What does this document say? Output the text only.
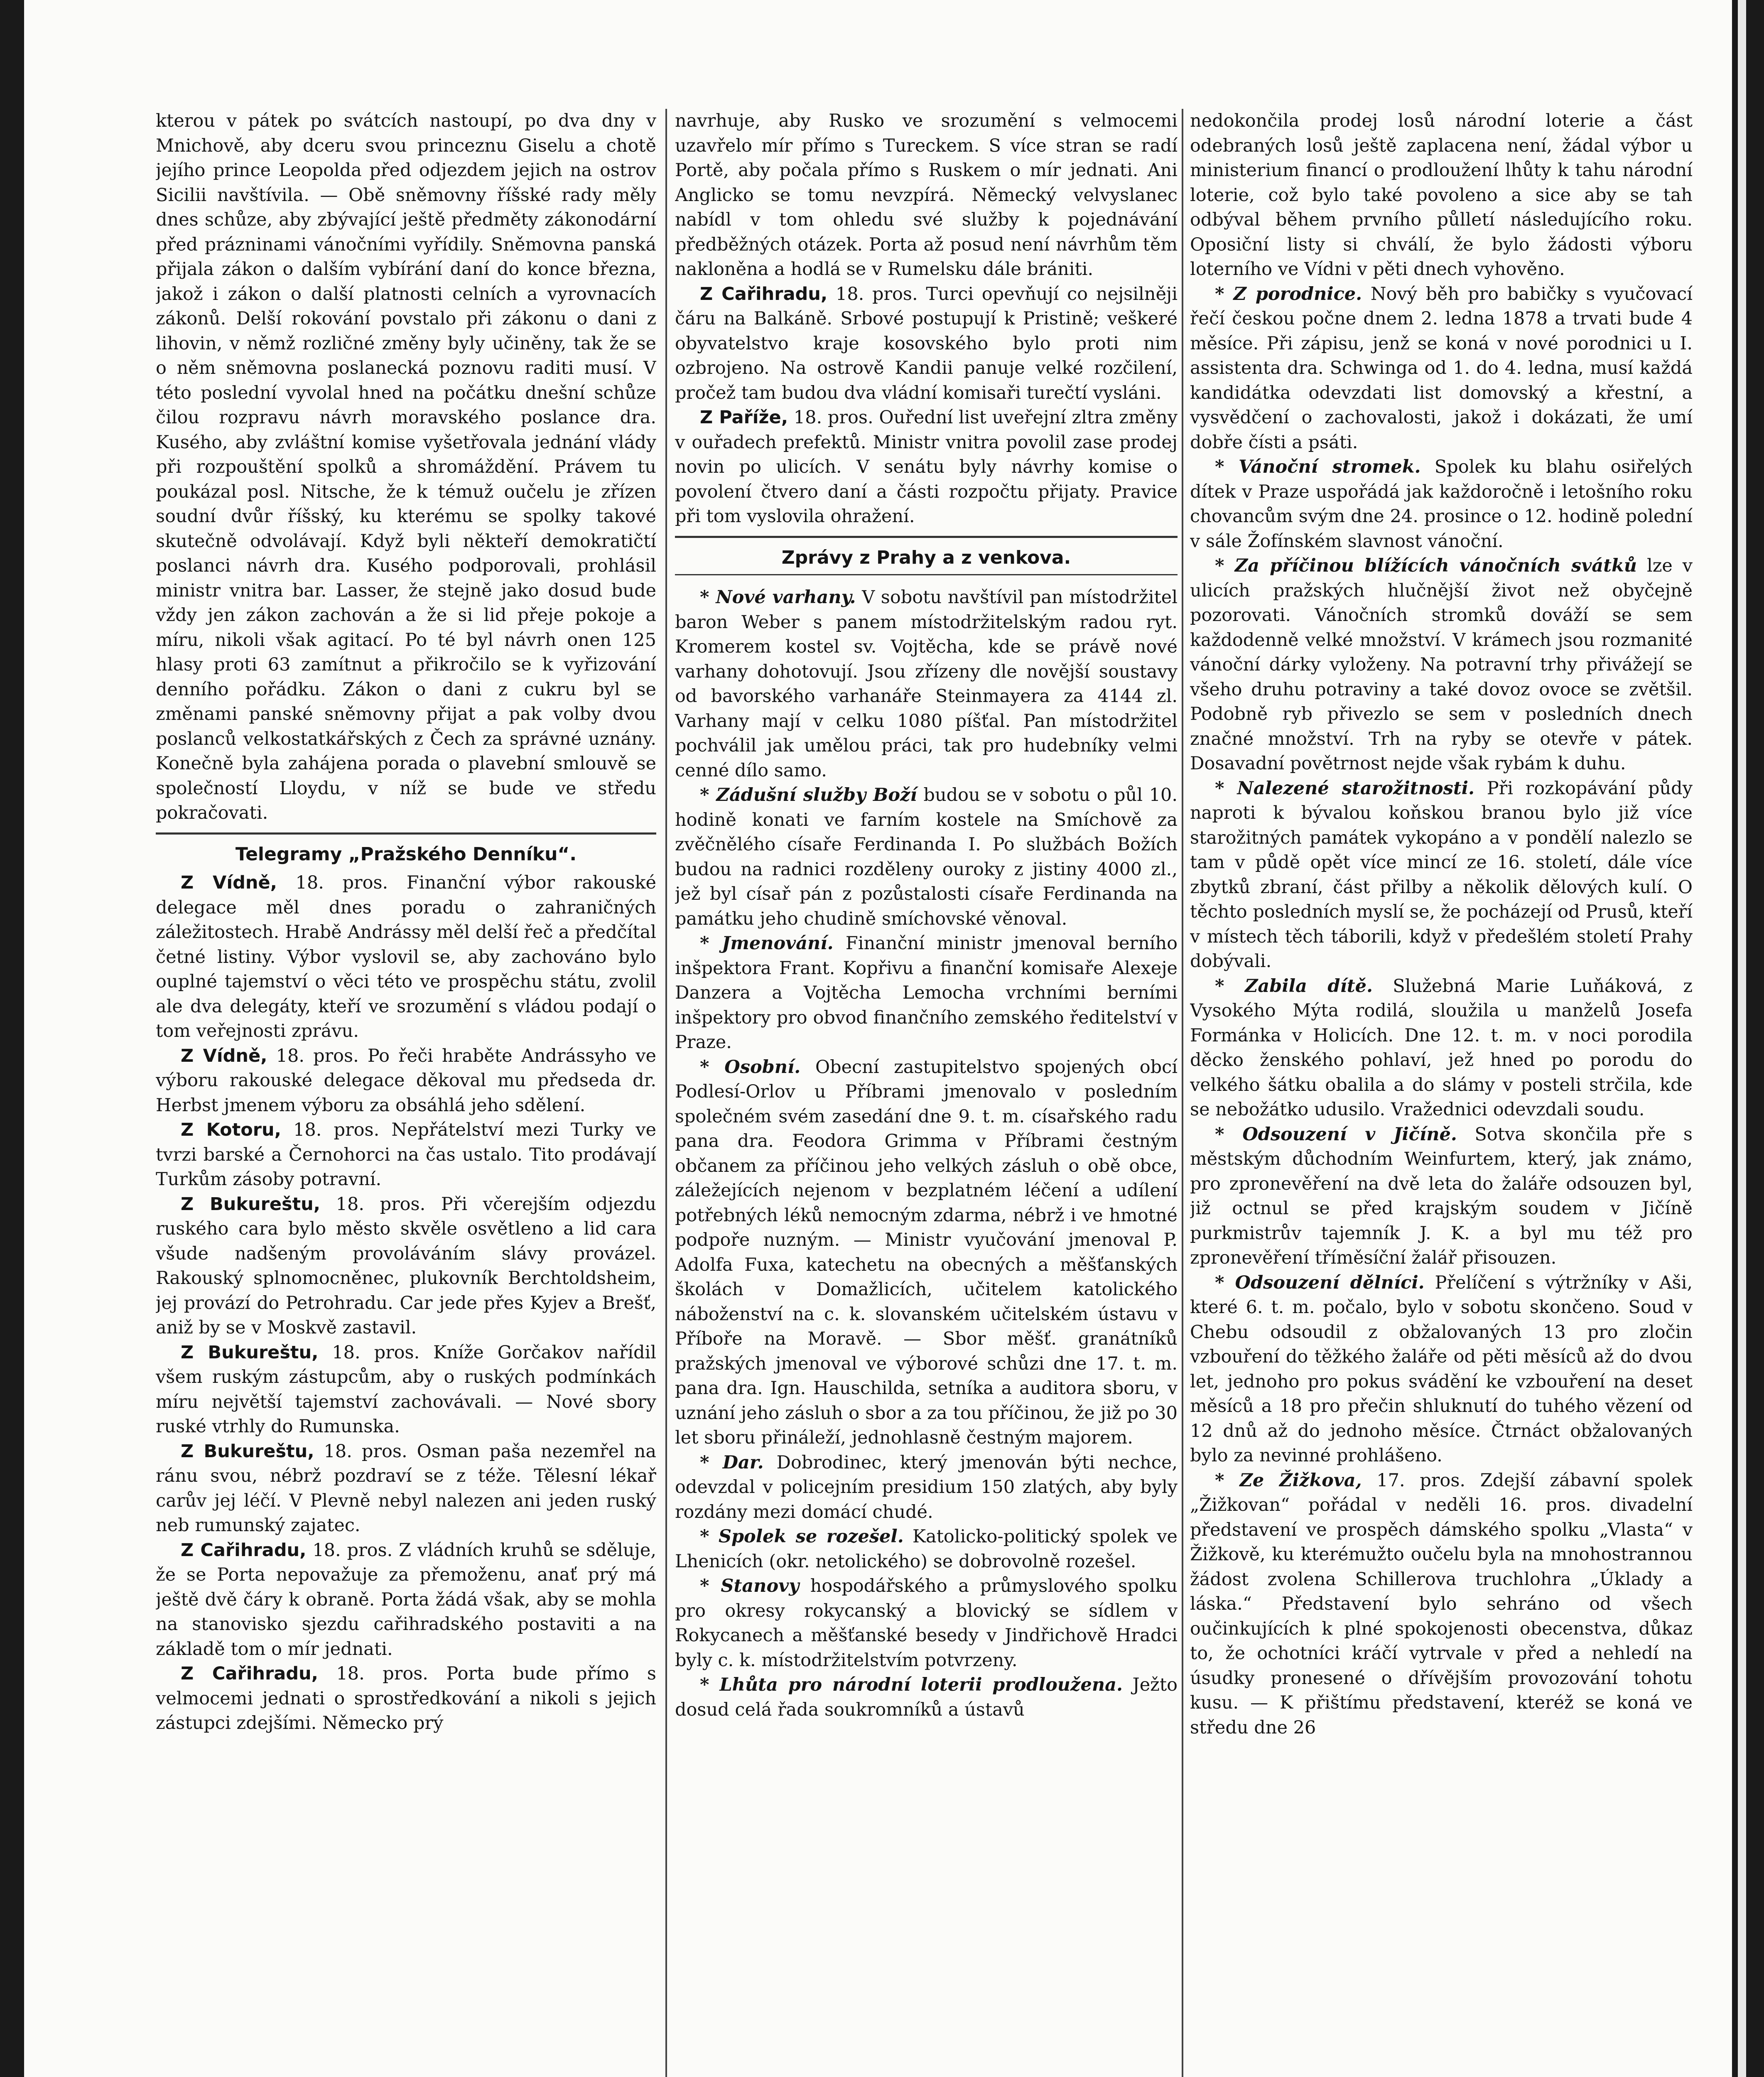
kterou v pátek po svátcích nastoupí, po dva dny v Mnichově, aby dceru svou princeznu Giselu a chotě jejího prince Leopolda před odjezdem jejich na ostrov Sicilii navštívila. — Obě sněmovny říšské rady měly dnes schůze, aby zbývající ještě předměty zákonodární před prázninami vánočními vyřídily. Sněmovna panská přijala zákon o dalším vybírání daní do konce března, jakož i zákon o další platnosti celních a vyrovnacích zákonů. Delší rokování povstalo při zákonu o dani z lihovin, v němž rozličné změny byly učiněny, tak že se o něm sněmovna poslanecká poznovu raditi musí. V této poslední vyvolal hned na počátku dnešní schůze čilou rozpravu návrh moravského poslance dra. Kusého, aby zvláštní komise vyšetřovala jednání vlády při rozpouštění spolků a shromáždění. Právem tu poukázal posl. Nitsche, že k témuž oučelu je zřízen soudní dvůr říšský, ku kterému se spolky takové skutečně odvolávají. Když byli někteří demokratičtí poslanci návrh dra. Kusého podporovali, prohlásil ministr vnitra bar. Lasser, že stejně jako dosud bude vždy jen zákon zachován a že si lid přeje pokoje a míru, nikoli však agitací. Po té byl návrh onen 125 hlasy proti 63 zamítnut a přikročilo se k vyřizování denního pořádku. Zákon o dani z cukru byl se změnami panské sněmovny přijat a pak volby dvou poslanců velkostatkářských z Čech za správné uznány. Konečně byla zahájena porada o plavební smlouvě se společností Lloydu, v níž se bude ve středu pokračovati.

Telegramy „Pražského Denníku“.

Z Vídně, 18. pros. Finanční výbor rakouské delegace měl dnes poradu o zahraničných záležitostech. Hrabě Andrássy měl delší řeč a předčítal četné listiny. Výbor vyslovil se, aby zachováno bylo ouplné tajemství o věci této ve prospěchu státu, zvolil ale dva delegáty, kteří ve srozumění s vládou podají o tom veřejnosti zprávu.

Z Vídně, 18. pros. Po řeči hraběte Andrássyho ve výboru rakouské delegace děkoval mu předseda dr. Herbst jmenem výboru za obsáhlá jeho sdělení.

Z Kotoru, 18. pros. Nepřátelství mezi Turky ve tvrzi barské a Černohorci na čas ustalo. Tito prodávají Turkům zásoby potravní.

Z Bukureštu, 18. pros. Při včerejším odjezdu ruského cara bylo město skvěle osvětleno a lid cara všude nadšeným provoláváním slávy provázel. Rakouský splnomocněnec, plukovník Berchtoldsheim, jej provází do Petrohradu. Car jede přes Kyjev a Brešť, aniž by se v Moskvě zastavil.

Z Bukureštu, 18. pros. Kníže Gorčakov nařídil všem ruským zástupcům, aby o ruských podmínkách míru největší tajemství zachovávali. — Nové sbory ruské vtrhly do Rumunska.

Z Bukureštu, 18. pros. Osman paša nezemřel na ránu svou, nébrž pozdraví se z téže. Tělesní lékař carův jej léčí. V Plevně nebyl nalezen ani jeden ruský neb rumunský zajatec.

Z Cařihradu, 18. pros. Z vládních kruhů se sděluje, že se Porta nepovažuje za přemoženu, anať prý má ještě dvě čáry k obraně. Porta žádá však, aby se mohla na stanovisko sjezdu cařihradského postaviti a na základě tom o mír jednati.

Z Cařihradu, 18. pros. Porta bude přímo s velmocemi jednati o sprostředkování a nikoli s jejich zástupci zdejšími. Německo prý

navrhuje, aby Rusko ve srozumění s velmocemi uzavřelo mír přímo s Tureckem. S více stran se radí Portě, aby počala přímo s Ruskem o mír jednati. Ani Anglicko se tomu nevzpírá. Německý velvyslanec nabídl v tom ohledu své služby k pojednávání předběžných otázek. Porta až posud není návrhům těm nakloněna a hodlá se v Rumelsku dále brániti.

Z Cařihradu, 18. pros. Turci opevňují co nejsilněji čáru na Balkáně. Srbové postupují k Pristině; veškeré obyvatelstvo kraje kosovského bylo proti nim ozbrojeno. Na ostrově Kandii panuje velké rozčilení, pročež tam budou dva vládní komisaři turečtí vysláni.

Z Paříže, 18. pros. Ouřední list uveřejní zltra změny v ouřadech prefektů. Ministr vnitra povolil zase prodej novin po ulicích. V senátu byly návrhy komise o povolení čtvero daní a části rozpočtu přijaty. Pravice při tom vyslovila ohražení.

Zprávy z Prahy a z venkova.

* Nové varhany. V sobotu navštívil pan místodržitel baron Weber s panem místodržitelským radou ryt. Kromerem kostel sv. Vojtěcha, kde se právě nové varhany dohotovují. Jsou zřízeny dle novější soustavy od bavorského varhanáře Steinmayera za 4144 zl. Varhany mají v celku 1080 píšťal. Pan místodržitel pochválil jak umělou práci, tak pro hudebníky velmi cenné dílo samo.

* Zádušní služby Boží budou se v sobotu o půl 10. hodině konati ve farním kostele na Smíchově za zvěčnělého císaře Ferdinanda I. Po službách Božích budou na radnici rozděleny ouroky z jistiny 4000 zl., jež byl císař pán z pozůstalosti císaře Ferdinanda na památku jeho chudině smíchovské věnoval.

* Jmenování. Finanční ministr jmenoval berního inšpektora Frant. Kopřivu a finanční komisaře Alexeje Danzera a Vojtěcha Lemocha vrchními berními inšpektory pro obvod finančního zemského ředitelství v Praze.

* Osobní. Obecní zastupitelstvo spojených obcí Podlesí-Orlov u Příbrami jmenovalo v posledním společném svém zasedání dne 9. t. m. císařského radu pana dra. Feodora Grimma v Příbrami čestným občanem za příčinou jeho velkých zásluh o obě obce, záležejících nejenom v bezplatném léčení a udílení potřebných léků nemocným zdarma, nébrž i ve hmotné podpoře nuzným. — Ministr vyučování jmenoval P. Adolfa Fuxa, katechetu na obecných a měšťanských školách v Domažlicích, učitelem katolického náboženství na c. k. slovanském učitelském ústavu v Příboře na Moravě. — Sbor měšť. granátníků pražských jmenoval ve výborové schůzi dne 17. t. m. pana dra. Ign. Hauschilda, setníka a auditora sboru, v uznání jeho zásluh o sbor a za tou příčinou, že již po 30 let sboru přináleží, jednohlasně čestným majorem.

* Dar. Dobrodinec, který jmenován býti nechce, odevzdal v policejním presidium 150 zlatých, aby byly rozdány mezi domácí chudé.

* Spolek se rozešel. Katolicko-politický spolek ve Lhenicích (okr. netolického) se dobrovolně rozešel.

* Stanovy hospodářského a průmyslového spolku pro okresy rokycanský a blovický se sídlem v Rokycanech a měšťanské besedy v Jindřichově Hradci byly c. k. místodržitelstvím potvrzeny.

* Lhůta pro národní loterii prodloužena. Ježto dosud celá řada soukromníků a ústavů

nedokončila prodej losů národní loterie a část odebraných losů ještě zaplacena není, žádal výbor u ministerium financí o prodloužení lhůty k tahu národní loterie, což bylo také povoleno a sice aby se tah odbýval během prvního půlletí následujícího roku. Oposiční listy si chválí, že bylo žádosti výboru loterního ve Vídni v pěti dnech vyhověno.

* Z porodnice. Nový běh pro babičky s vyučovací řečí českou počne dnem 2. ledna 1878 a trvati bude 4 měsíce. Při zápisu, jenž se koná v nové porodnici u I. assistenta dra. Schwinga od 1. do 4. ledna, musí každá kandidátka odevzdati list domovský a křestní, a vysvědčení o zachovalosti, jakož i dokázati, že umí dobře čísti a psáti.

* Vánoční stromek. Spolek ku blahu osiřelých dítek v Praze uspořádá jak každoročně i letošního roku chovancům svým dne 24. prosince o 12. hodině polední v sále Žofínském slavnost vánoční.

* Za příčinou blížících vánočních svátků lze v ulicích pražských hlučnější život než obyčejně pozorovati. Vánočních stromků dováží se sem každodenně velké množství. V krámech jsou rozmanité vánoční dárky vyloženy. Na potravní trhy přivážejí se všeho druhu potraviny a také dovoz ovoce se zvětšil. Podobně ryb přivezlo se sem v posledních dnech značné množství. Trh na ryby se otevře v pátek. Dosavadní povětrnost nejde však rybám k duhu.

* Nalezené starožitnosti. Při rozkopávání půdy naproti k bývalou koňskou branou bylo již více starožitných památek vykopáno a v pondělí nalezlo se tam v půdě opět více mincí ze 16. století, dále více zbytků zbraní, část přilby a několik dělových kulí. O těchto posledních myslí se, že pocházejí od Prusů, kteří v místech těch táborili, když v předešlém století Prahy dobývali.

* Zabila dítě. Služebná Marie Luňáková, z Vysokého Mýta rodilá, sloužila u manželů Josefa Formánka v Holicích. Dne 12. t. m. v noci porodila děcko ženského pohlaví, jež hned po porodu do velkého šátku obalila a do slámy v posteli strčila, kde se nebožátko udusilo. Vražednici odevzdali soudu.

* Odsouzení v Jičíně. Sotva skončila pře s městským důchodním Weinfurtem, který, jak známo, pro zpronevěření na dvě leta do žaláře odsouzen byl, již octnul se před krajským soudem v Jičíně purkmistrův tajemník J. K. a byl mu též pro zpronevěření tříměsíční žalář přisouzen.

* Odsouzení dělníci. Přelíčení s výtržníky v Aši, které 6. t. m. počalo, bylo v sobotu skončeno. Soud v Chebu odsoudil z obžalovaných 13 pro zločin vzbouření do těžkého žaláře od pěti měsíců až do dvou let, jednoho pro pokus svádění ke vzbouření na deset měsíců a 18 pro přečin shluknutí do tuhého vězení od 12 dnů až do jednoho měsíce. Čtrnáct obžalovaných bylo za nevinné prohlášeno.

* Ze Žižkova, 17. pros. Zdejší zábavní spolek „Žižkovan“ pořádal v neděli 16. pros. divadelní představení ve prospěch dámského spolku „Vlasta“ v Žižkově, ku kterémužto oučelu byla na mnohostrannou žádost zvolena Schillerova truchlohra „Úklady a láska.“ Představení bylo sehráno od všech oučinkujících k plné spokojenosti obecenstva, důkaz to, že ochotníci kráčí vytrvale v před a nehledí na úsudky pronesené o dřívějším provozování tohotu kusu. — K přištímu představení, kteréž se koná ve středu dne 26
